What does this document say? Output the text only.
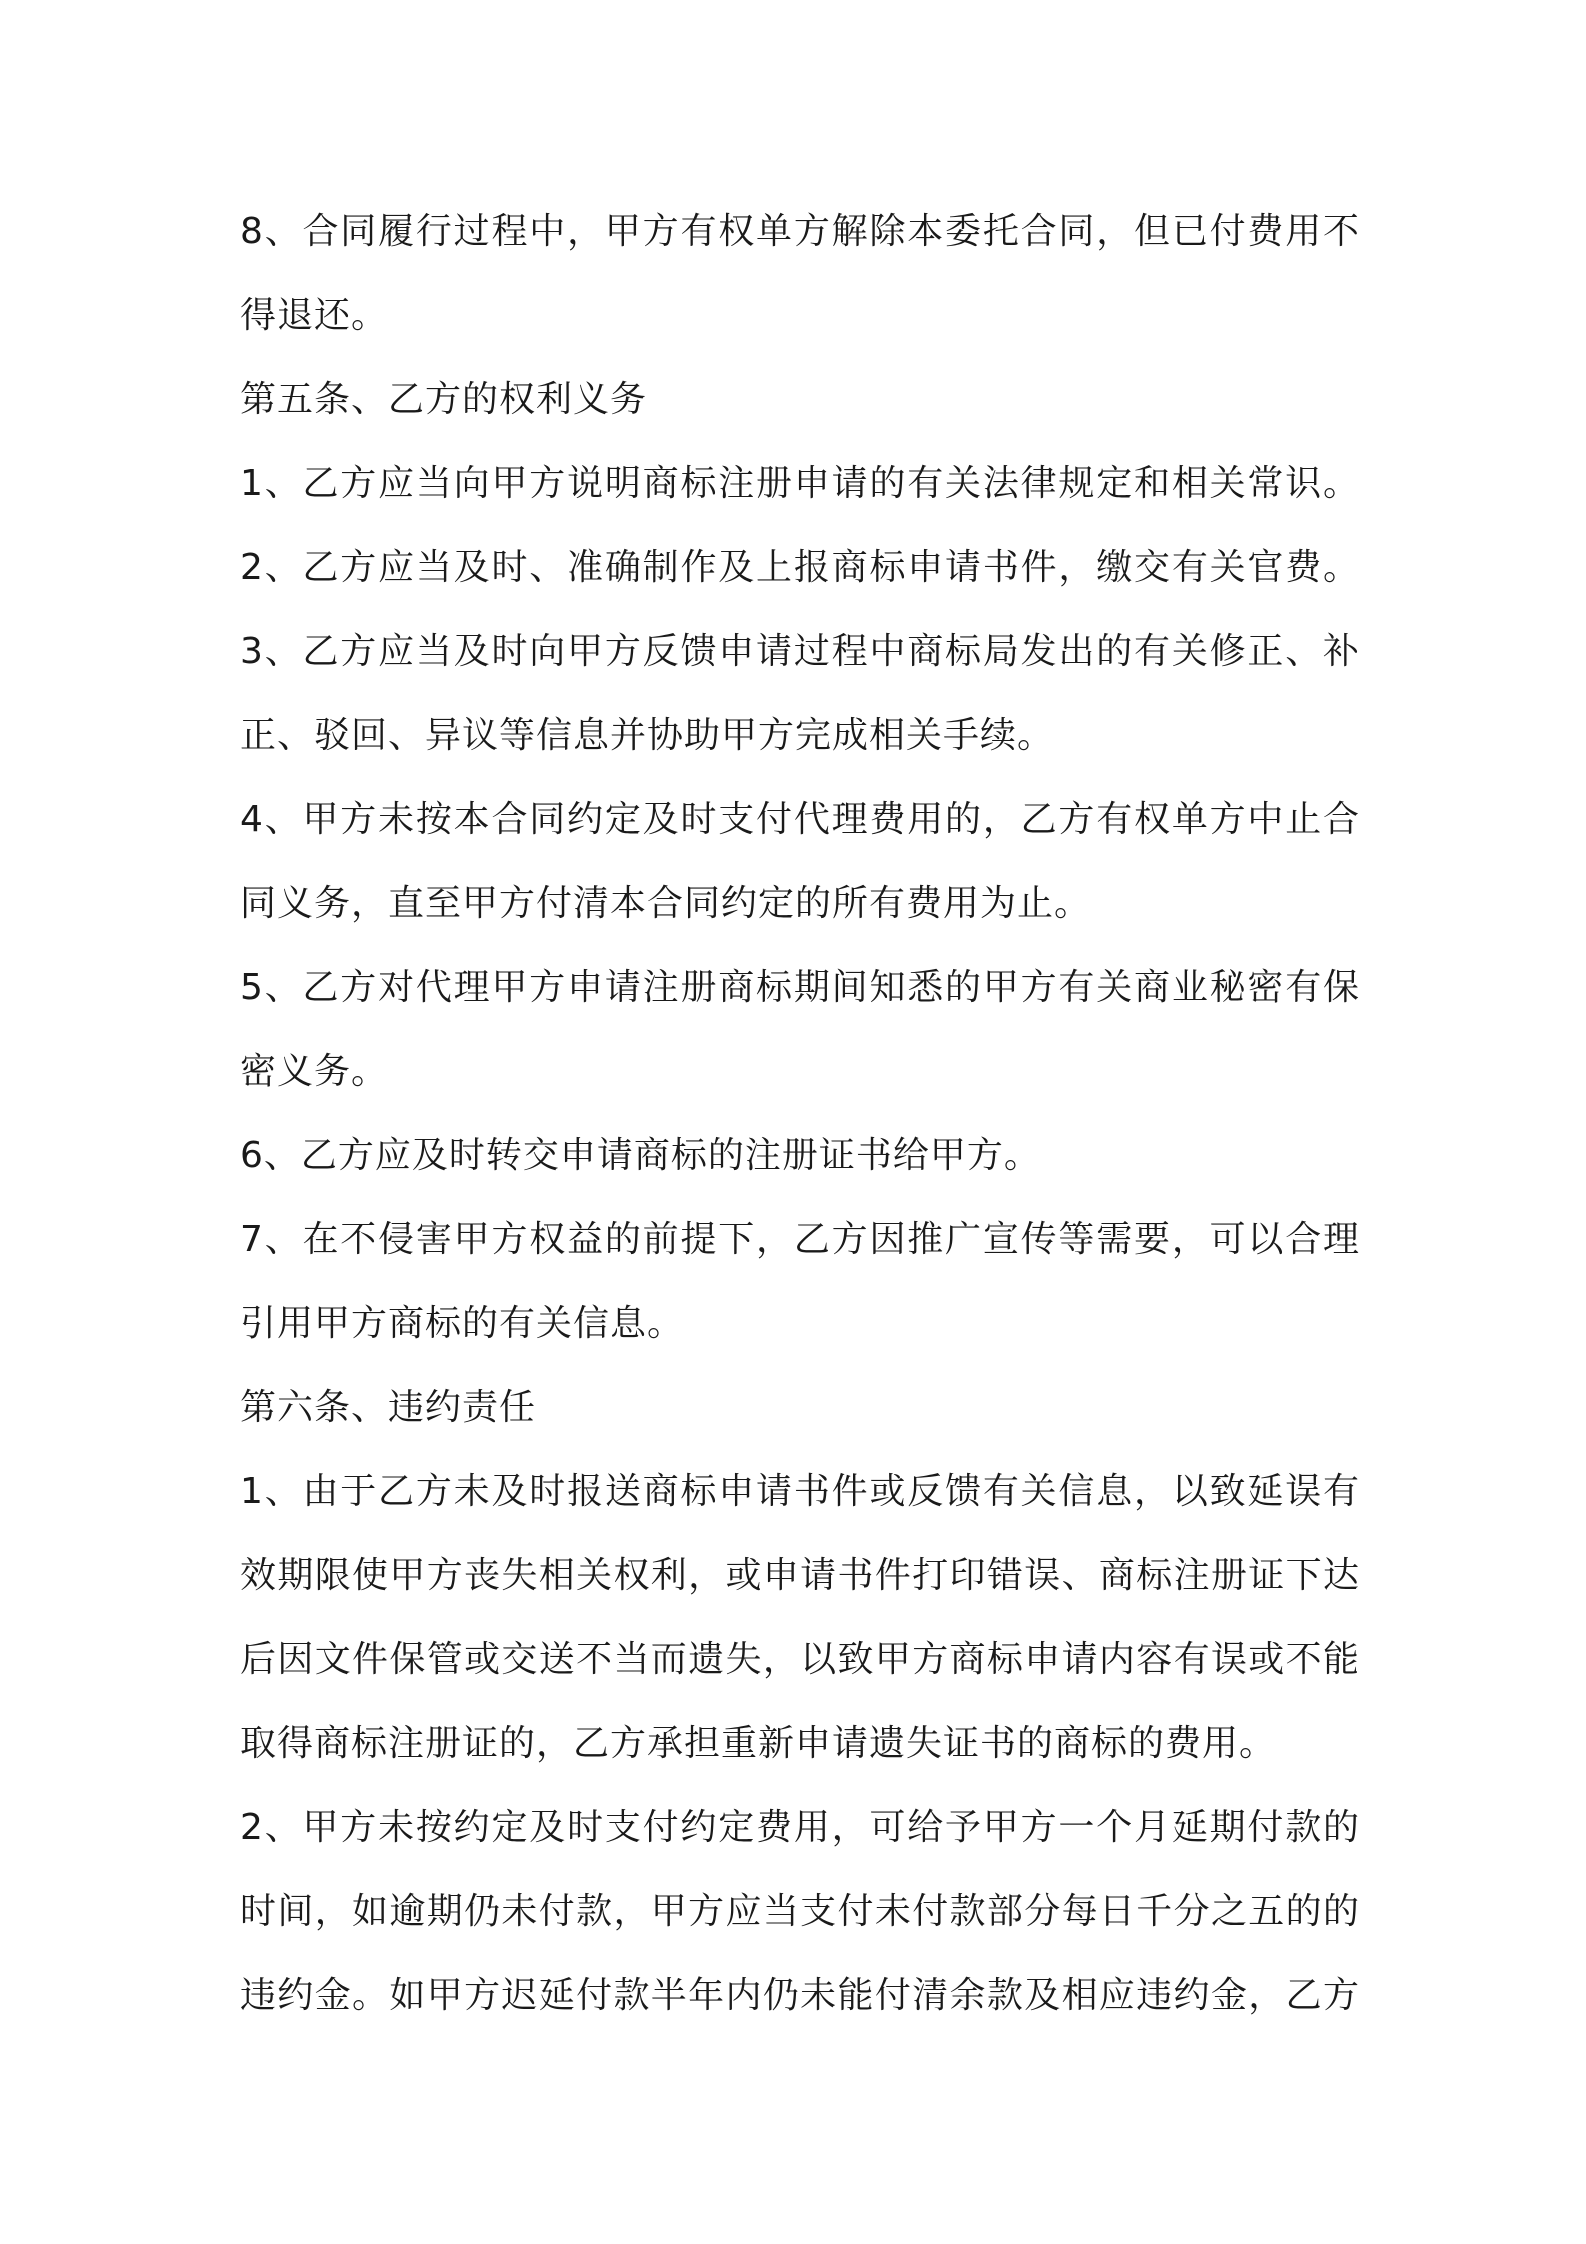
8、合同履行过程中，甲方有权单方解除本委托合同，但已付费用不
得退还。
第五条、乙方的权利义务
1、乙方应当向甲方说明商标注册申请的有关法律规定和相关常识。
2、乙方应当及时、准确制作及上报商标申请书件，缴交有关官费。
3、乙方应当及时向甲方反馈申请过程中商标局发出的有关修正、补
正、驳回、异议等信息并协助甲方完成相关手续。
4、甲方未按本合同约定及时支付代理费用的，乙方有权单方中止合
同义务，直至甲方付清本合同约定的所有费用为止。
5、乙方对代理甲方申请注册商标期间知悉的甲方有关商业秘密有保
密义务。
6、乙方应及时转交申请商标的注册证书给甲方。
7、在不侵害甲方权益的前提下，乙方因推广宣传等需要，可以合理
引用甲方商标的有关信息。
第六条、违约责任
1、由于乙方未及时报送商标申请书件或反馈有关信息，以致延误有
效期限使甲方丧失相关权利，或申请书件打印错误、商标注册证下达
后因文件保管或交送不当而遗失，以致甲方商标申请内容有误或不能
取得商标注册证的，乙方承担重新申请遗失证书的商标的费用。
2、甲方未按约定及时支付约定费用，可给予甲方一个月延期付款的
时间，如逾期仍未付款，甲方应当支付未付款部分每日千分之五的的
违约金。如甲方迟延付款半年内仍未能付清余款及相应违约金，乙方
